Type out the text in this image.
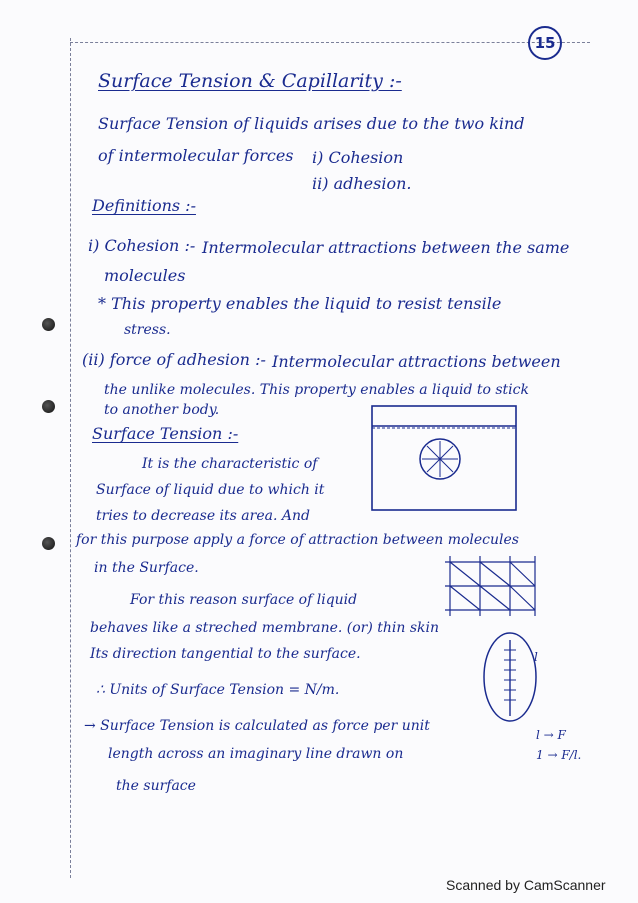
15
Surface Tension & Capillarity :-
Surface Tension of liquids arises due to the two kind
of intermolecular forces i) Cohesion
ii) adhesion.
Definitions :-
i) Cohesion :- Intermolecular attractions between the same
molecules
* This property enables the liquid to resist tensile
stress.
(ii) force of adhesion :- Intermolecular attractions between
the unlike molecules. This property enables a liquid to stick
to another body.
Surface Tension :-
It is the characteristic of
Surface of liquid due to which it
tries to decrease its area. And
for this purpose apply a force of attraction between molecules
in the Surface.
For this reason surface of liquid
behaves like a streched membrane. (or) thin skin
Its direction tangential to the surface.
∴ Units of Surface Tension = N/m.
→ Surface Tension is calculated as force per unit
length across an imaginary line drawn on
the surface
l → F
1 → F/l.
l
Scanned by CamScanner
